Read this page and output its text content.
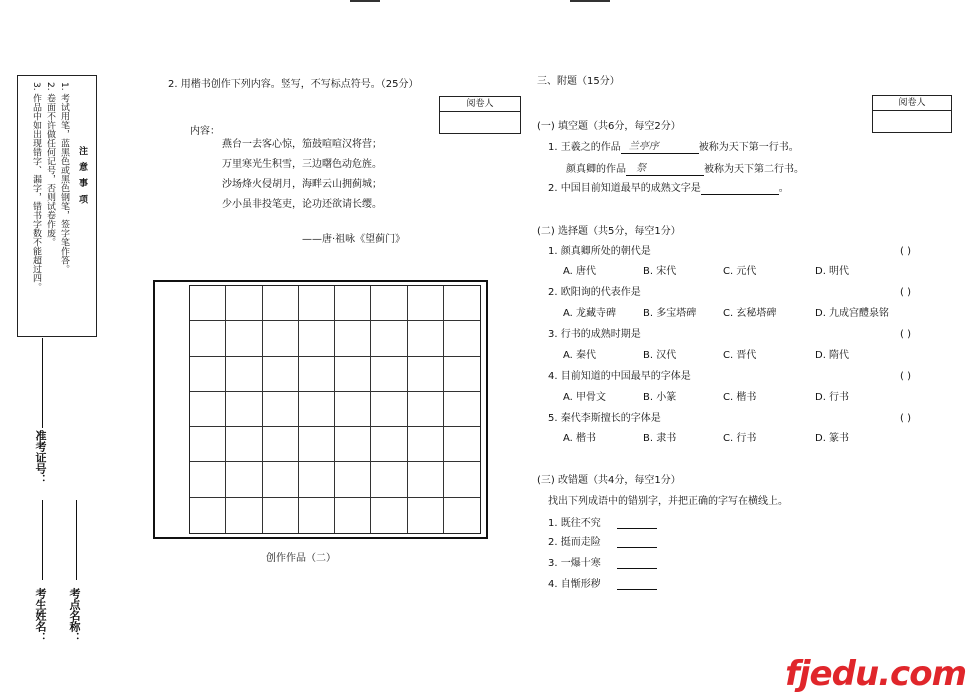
注 意 事 项
1. 考试用笔，蓝黑色或黑色钢笔，签字笔作答。
2. 卷面不许做任何记号，否则试卷作废。
3. 作品中如出现错字、漏字，错书字数不能超过四。
准考证号：
考生姓名： 考点名称：
2. 用楷书创作下列内容。竖写，不写标点符号。（25分）
阅卷人
内容：
燕台一去客心惊，笳鼓喧喧汉将营；
万里寒光生积雪，三边曙色动危旌。
沙场烽火侵胡月，海畔云山拥蓟城；
少小虽非投笔吏，论功还欲请长缨。
——唐·祖咏《望蓟门》
创作作品（二）
三、附题（15分）
阅卷人
(一) 填空题（共6分，每空2分）
1. 王羲之的作品 兰亭序	被称为天下第一行书。
颜真卿的作品 祭	被称为天下第二行书。
2. 中国目前知道最早的成熟文字是	。
(二) 选择题（共5分，每空1分）
1. 颜真卿所处的朝代是	( )
A. 唐代	B. 宋代	C. 元代	D. 明代
2. 欧阳询的代表作是	( )
A. 龙藏寺碑	B. 多宝塔碑	C. 玄秘塔碑	D. 九成宫醴泉铭
3. 行书的成熟时期是	( )
A. 秦代	B. 汉代	C. 晋代	D. 隋代
4. 目前知道的中国最早的字体是	( )
A. 甲骨文	B. 小篆	C. 楷书	D. 行书
5. 秦代李斯擅长的字体是	( )
A. 楷书	B. 隶书	C. 行书	D. 篆书
(三) 改错题（共4分，每空1分）
找出下列成语中的错别字，并把正确的字写在横线上。
1. 既往不究
2. 挺而走险
3. 一爆十寒
4. 自惭形秽
fjedu.com
